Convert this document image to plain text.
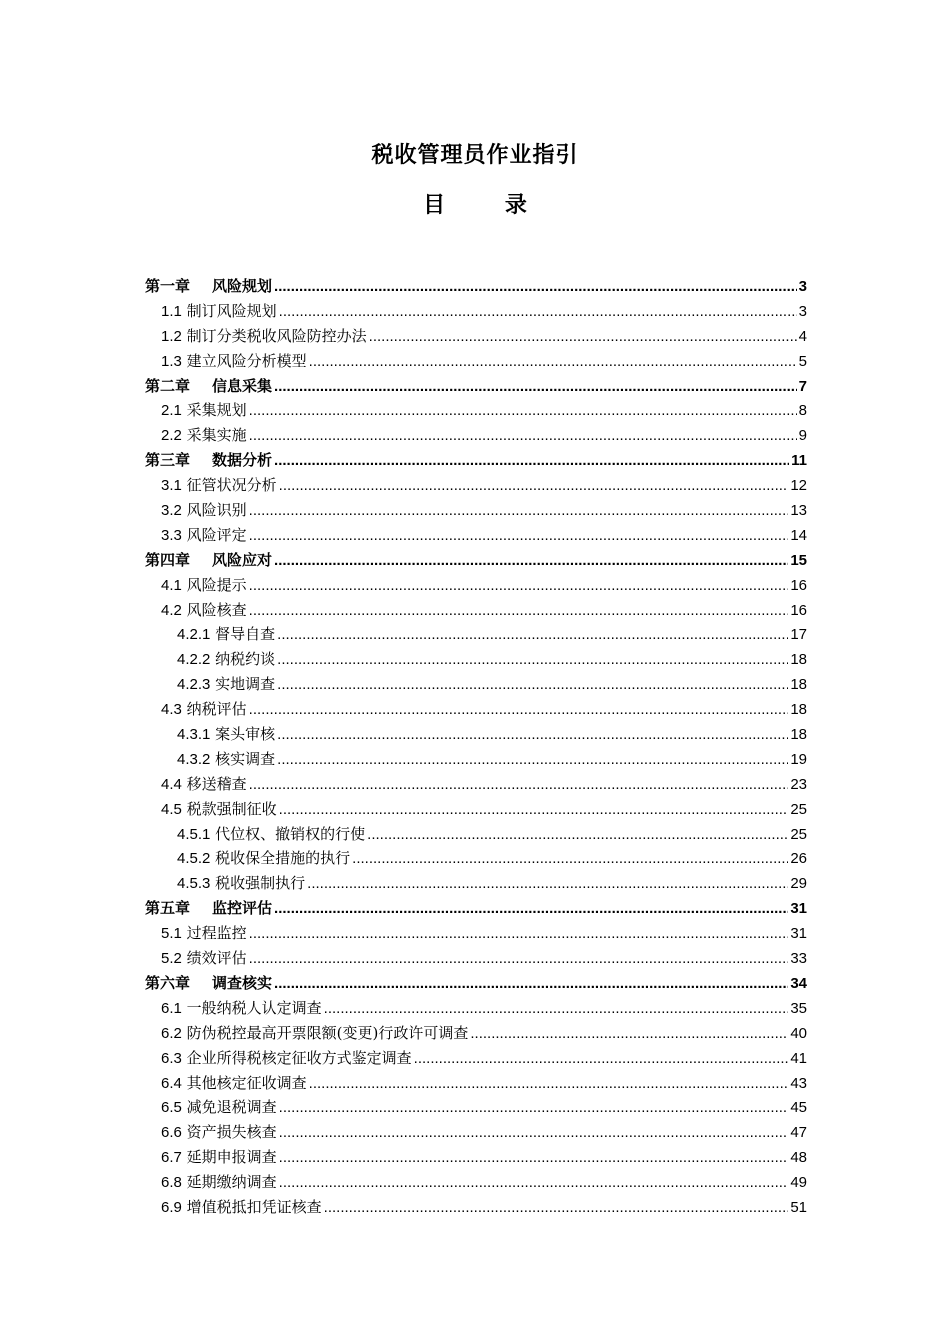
税收管理员作业指引
目 录
第一章 风险规划 .....	3
1.1 制订风险规划 .....	3
1.2 制订分类税收风险防控办法 .....	4
1.3 建立风险分析模型 .....	5
第二章 信息采集 .....	7
2.1 采集规划 .....	8
2.2 采集实施 .....	9
第三章 数据分析 .....	11
3.1 征管状况分析 .....	12
3.2 风险识别 .....	13
3.3 风险评定 .....	14
第四章 风险应对 .....	15
4.1 风险提示 .....	16
4.2 风险核查 .....	16
4.2.1 督导自查 .....	17
4.2.2 纳税约谈 .....	18
4.2.3 实地调查 .....	18
4.3 纳税评估 .....	18
4.3.1 案头审核 .....	18
4.3.2 核实调查 .....	19
4.4 移送稽查 .....	23
4.5 税款强制征收 .....	25
4.5.1 代位权、撤销权的行使 .....	25
4.5.2 税收保全措施的执行 .....	26
4.5.3 税收强制执行 .....	29
第五章 监控评估 .....	31
5.1 过程监控 .....	31
5.2 绩效评估 .....	33
第六章 调查核实 .....	34
6.1 一般纳税人认定调查 .....	35
6.2 防伪税控最高开票限额(变更)行政许可调查 .....	40
6.3 企业所得税核定征收方式鉴定调查 .....	41
6.4 其他核定征收调查 .....	43
6.5 减免退税调查 .....	45
6.6 资产损失核查 .....	47
6.7 延期申报调查 .....	48
6.8 延期缴纳调查 .....	49
6.9 增值税抵扣凭证核查 .....	51
